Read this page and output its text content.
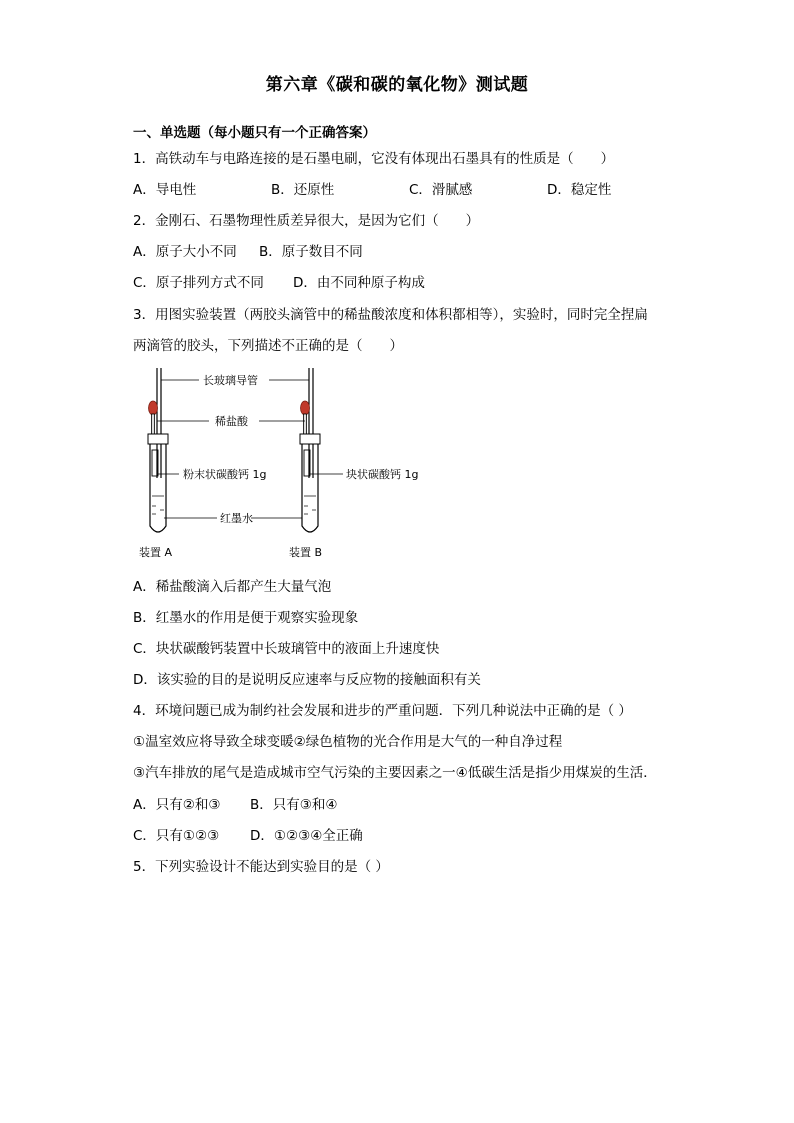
第六章《碳和碳的氧化物》测试题
一、单选题（每小题只有一个正确答案）
1．高铁动车与电路连接的是石墨电刷，它没有体现出石墨具有的性质是（　　）
A．导电性	B．还原性	C．滑腻感	D．稳定性
2．金刚石、石墨物理性质差异很大，是因为它们（　　）
A．原子大小不同 B．原子数目不同
C．原子排列方式不同 D．由不同种原子构成
3．用图实验装置（两胶头滴管中的稀盐酸浓度和体积都相等），实验时，同时完全捏扁
两滴管的胶头，下列描述不正确的是（　　）
长玻璃导管
稀盐酸
粉末状碳酸钙 1g	块状碳酸钙 1g
红墨水
装置 A	装置 B
A．稀盐酸滴入后都产生大量气泡
B．红墨水的作用是便于观察实验现象
C．块状碳酸钙装置中长玻璃管中的液面上升速度快
D．该实验的目的是说明反应速率与反应物的接触面积有关
4．环境问题已成为制约社会发展和进步的严重问题．下列几种说法中正确的是（ ）
①温室效应将导致全球变暖②绿色植物的光合作用是大气的一种自净过程
③汽车排放的尾气是造成城市空气污染的主要因素之一④低碳生活是指少用煤炭的生活．
A．只有②和③ B．只有③和④
C．只有①②③ D．①②③④全正确
5．下列实验设计不能达到实验目的是（ ）
